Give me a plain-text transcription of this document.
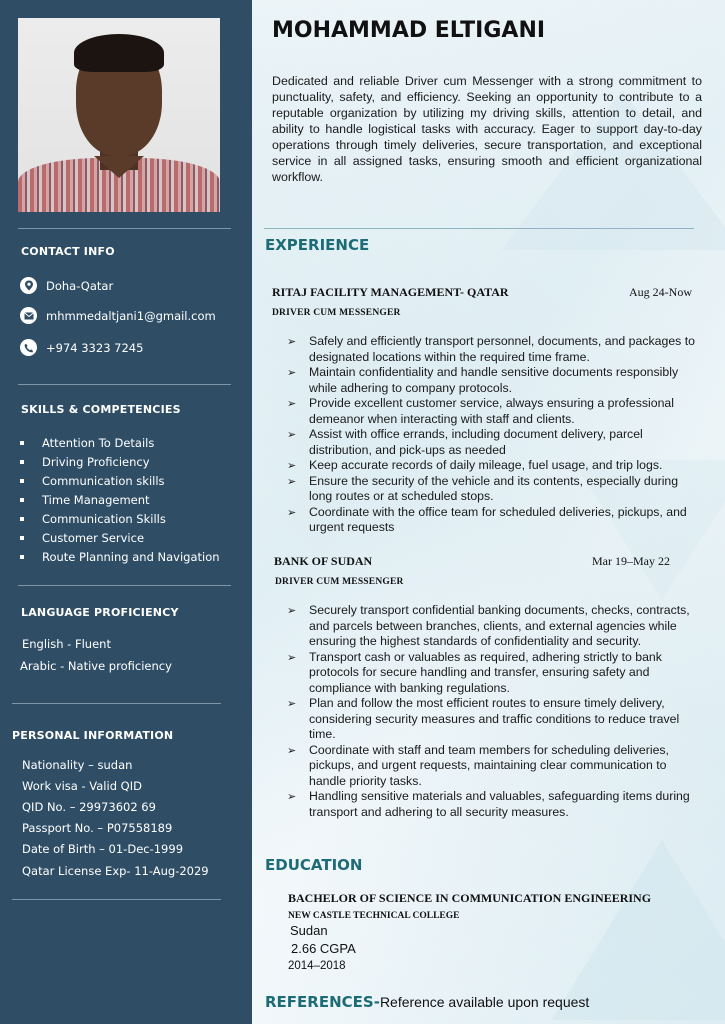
CONTACT INFO
Doha-Qatar
mhmmedaltjani1@gmail.com
+974 3323 7245
SKILLS & COMPETENCIES
Attention To Details
Driving Proficiency
Communication skills
Time Management
Communication Skills
Customer Service
Route Planning and Navigation
LANGUAGE PROFICIENCY
English - Fluent
Arabic - Native proficiency
PERSONAL INFORMATION
Nationality – sudan
Work visa - Valid QID
QID No. – 29973602 69
Passport No. – P07558189
Date of Birth – 01-Dec-1999
Qatar License Exp- 11-Aug-2029
MOHAMMAD ELTIGANI
Dedicated and reliable Driver cum Messenger with a strong commitment to punctuality, safety, and efficiency. Seeking an opportunity to contribute to a reputable organization by utilizing my driving skills, attention to detail, and ability to handle logistical tasks with accuracy. Eager to support day-to-day operations through timely deliveries, secure transportation, and exceptional service in all assigned tasks, ensuring smooth and efficient organizational workflow.
EXPERIENCE
RITAJ FACILITY MANAGEMENT- QATAR	Aug 24-Now
DRIVER CUM MESSENGER
➢ Safely and efficiently transport personnel, documents, and packages to designated locations within the required time frame.
➢ Maintain confidentiality and handle sensitive documents responsibly while adhering to company protocols.
➢ Provide excellent customer service, always ensuring a professional demeanor when interacting with staff and clients.
➢ Assist with office errands, including document delivery, parcel distribution, and pick-ups as needed
➢ Keep accurate records of daily mileage, fuel usage, and trip logs.
➢ Ensure the security of the vehicle and its contents, especially during long routes or at scheduled stops.
➢ Coordinate with the office team for scheduled deliveries, pickups, and urgent requests
BANK OF SUDAN	Mar 19–May 22
DRIVER CUM MESSENGER
➢ Securely transport confidential banking documents, checks, contracts, and parcels between branches, clients, and external agencies while ensuring the highest standards of confidentiality and security.
➢ Transport cash or valuables as required, adhering strictly to bank protocols for secure handling and transfer, ensuring safety and compliance with banking regulations.
➢ Plan and follow the most efficient routes to ensure timely delivery, considering security measures and traffic conditions to reduce travel time.
➢ Coordinate with staff and team members for scheduling deliveries, pickups, and urgent requests, maintaining clear communication to handle priority tasks.
➢ Handling sensitive materials and valuables, safeguarding items during transport and adhering to all security measures.
EDUCATION
BACHELOR OF SCIENCE IN COMMUNICATION ENGINEERING
NEW CASTLE TECHNICAL COLLEGE
Sudan
2.66 CGPA
2014–2018
REFERENCES-Reference available upon request
